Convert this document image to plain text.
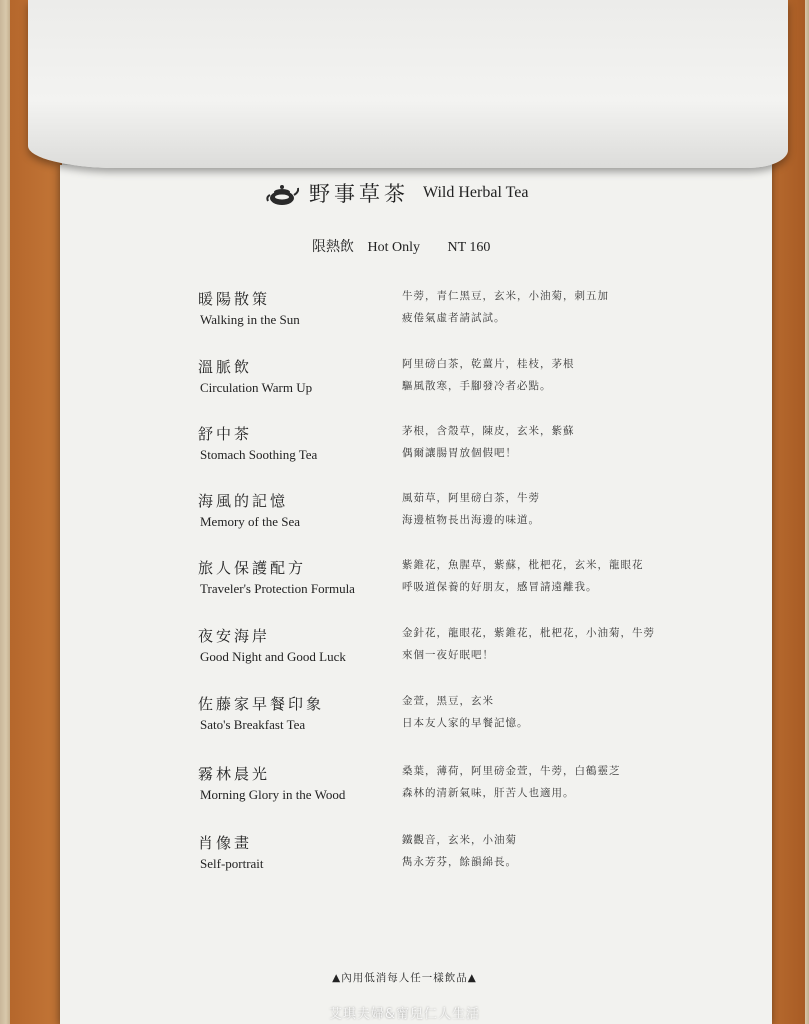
野事草茶 Wild Herbal Tea
限熱飲 Hot Only NT 160
暖陽散策
Walking in the Sun
牛蒡，青仁黑豆，玄米，小油菊，刺五加
疲倦氣虛者請試試。
溫脈飲
Circulation Warm Up
阿里磅白茶，乾薑片，桂枝，茅根
驅風散寒，手腳發冷者必點。
舒中茶
Stomach Soothing Tea
茅根，含殼草，陳皮，玄米，紫蘇
偶爾讓腸胃放個假吧！
海風的記憶
Memory of the Sea
風茹草，阿里磅白茶，牛蒡
海邊植物長出海邊的味道。
旅人保護配方
Traveler's Protection Formula
紫錐花，魚腥草，紫蘇，枇杷花，玄米，龍眼花
呼吸道保養的好朋友，感冒請遠離我。
夜安海岸
Good Night and Good Luck
金針花，龍眼花，紫錐花，枇杷花，小油菊，牛蒡
來個一夜好眠吧！
佐藤家早餐印象
Sato's Breakfast Tea
金萱，黑豆，玄米
日本友人家的早餐記憶。
霧林晨光
Morning Glory in the Wood
桑葉，薄荷，阿里磅金萱，牛蒡，白鶴靈芝
森林的清新氣味，肝苦人也適用。
肖像畫
Self-portrait
鐵觀音，玄米，小油菊
雋永芳芬，餘韻綿長。
▲內用低消每人任一樣飲品▲
艾琪夫婦&甯兒仁人生活
